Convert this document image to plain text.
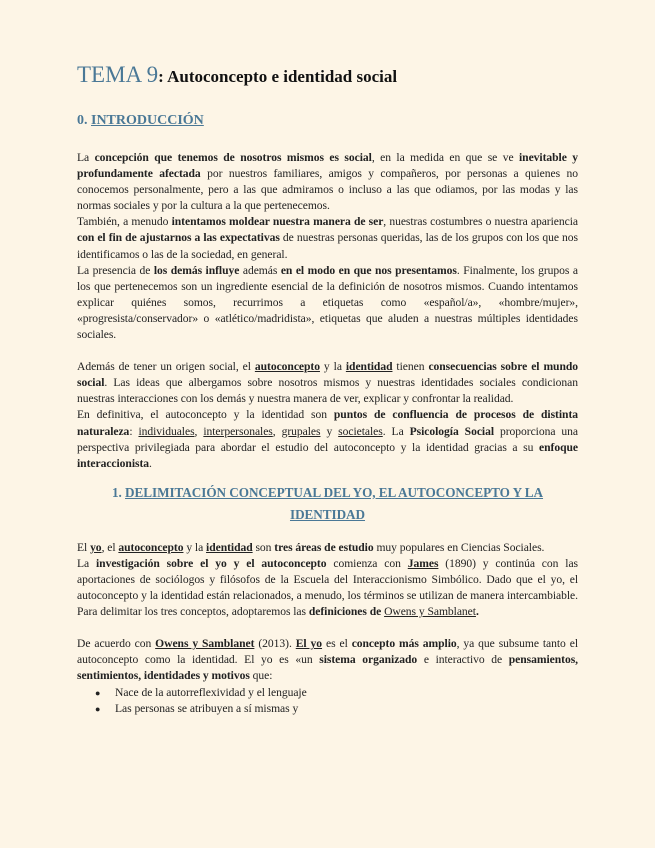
TEMA 9: Autoconcepto e identidad social
0. INTRODUCCIÓN

La concepción que tenemos de nosotros mismos es social, en la medida en que se ve inevitable y profundamente afectada por nuestros familiares, amigos y compañeros, por personas a quienes no conocemos personalmente, pero a las que admiramos o incluso a las que odiamos, por las modas y las normas sociales y por la cultura a la que pertenecemos.

También, a menudo intentamos moldear nuestra manera de ser, nuestras costumbres o nuestra apariencia con el fin de ajustarnos a las expectativas de nuestras personas queridas, las de los grupos con los que nos identificamos o las de la sociedad, en general.

La presencia de los demás influye además en el modo en que nos presentamos. Finalmente, los grupos a los que pertenecemos son un ingrediente esencial de la definición de nosotros mismos. Cuando intentamos explicar quiénes somos, recurrimos a etiquetas como «español/a», «hombre/mujer», «progresista/conservador» o «atlético/madridista», etiquetas que aluden a nuestras múltiples identidades sociales.

Además de tener un origen social, el autoconcepto y la identidad tienen consecuencias sobre el mundo social. Las ideas que albergamos sobre nosotros mismos y nuestras identidades sociales condicionan nuestras interacciones con los demás y nuestra manera de ver, explicar y confrontar la realidad.

En definitiva, el autoconcepto y la identidad son puntos de confluencia de procesos de distinta naturaleza: individuales, interpersonales, grupales y societales. La Psicología Social proporciona una perspectiva privilegiada para abordar el estudio del autoconcepto y la identidad gracias a su enfoque interaccionista.

1. DELIMITACIÓN CONCEPTUAL DEL YO, EL AUTOCONCEPTO Y LA IDENTIDAD

El yo, el autoconcepto y la identidad son tres áreas de estudio muy populares en Ciencias Sociales.

La investigación sobre el yo y el autoconcepto comienza con James (1890) y continúa con las aportaciones de sociólogos y filósofos de la Escuela del Interaccionismo Simbólico. Dado que el yo, el autoconcepto y la identidad están relacionados, a menudo, los términos se utilizan de manera intercambiable. Para delimitar los tres conceptos, adoptaremos las definiciones de Owens y Samblanet.

De acuerdo con Owens y Samblanet (2013). El yo es el concepto más amplio, ya que subsume tanto el autoconcepto como la identidad. El yo es «un sistema organizado e interactivo de pensamientos, sentimientos, identidades y motivos que:

● Nace de la autorreflexividad y el lenguaje
● Las personas se atribuyen a sí mismas y
